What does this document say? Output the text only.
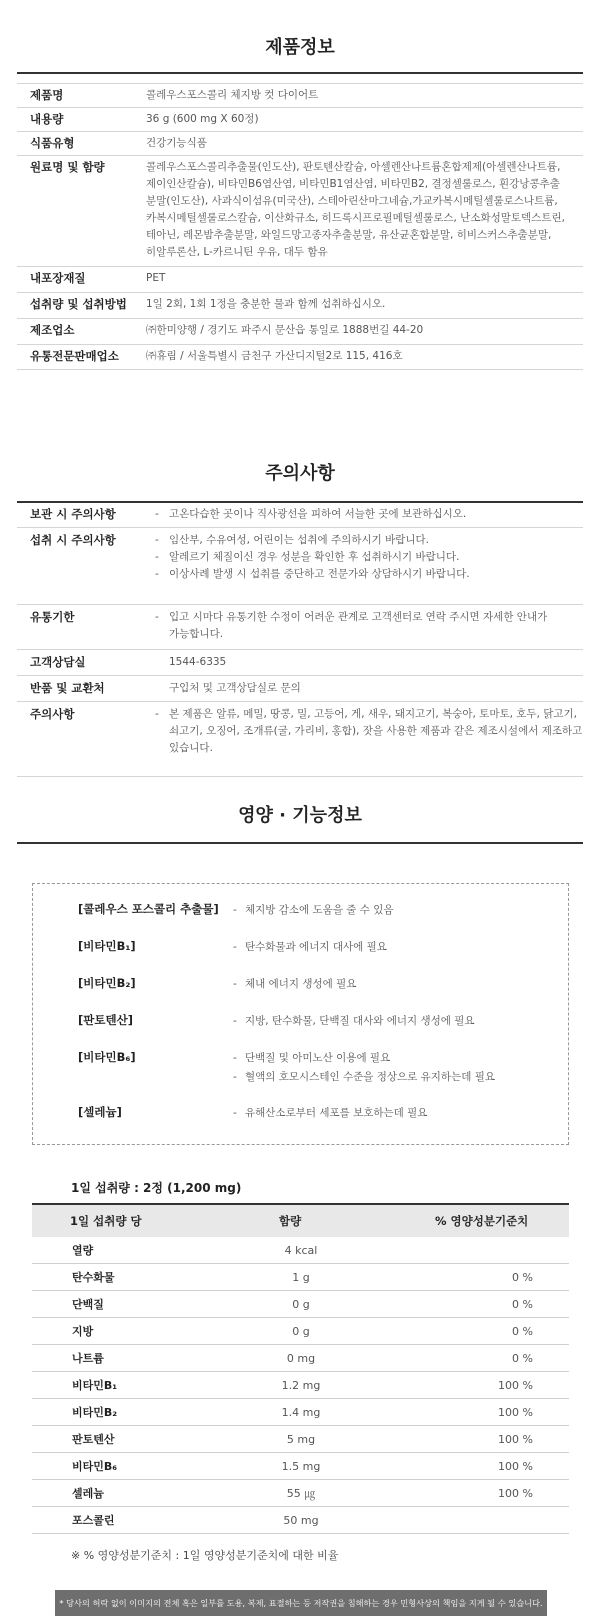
제품정보
제품명	콜레우스포스콜리 체지방 컷 다이어트
내용량	36 g (600 mg X 60정)
식품유형	건강기능식품
원료명 및 함량	콜레우스포스콜리추출물(인도산), 판토텐산칼슘, 아셀렌산나트륨혼합제제(아셀렌산나트륨,
제이인산칼슘), 비타민B6염산염, 비타민B1염산염, 비타민B2, 결정셀룰로스, 흰강낭콩추출
분말(인도산), 사과식이섬유(미국산), 스테아린산마그네슘,가교카복시메틸셀룰로스나트륨,
카복시메틸셀룰로스칼슘, 이산화규소, 히드록시프로필메틸셀룰로스, 난소화성말토덱스트린,
테아닌, 레몬밤추출분말, 와일드망고종자추출분말, 유산균혼합분말, 히비스커스추출분말,
히알루론산, L-카르니틴 우유, 대두 함유
내포장재질	PET
섭취량 및 섭취방법	1일 2회, 1회 1정을 충분한 물과 함께 섭취하십시오.
제조업소	㈜한미양행 / 경기도 파주시 문산읍 통일로 1888번길 44-20
유통전문판매업소	㈜휴림 / 서울특별시 금천구 가산디지털2로 115, 416호
주의사항
보관 시 주의사항	- 고온다습한 곳이나 직사광선을 피하여 서늘한 곳에 보관하십시오.
섭취 시 주의사항	- 임산부, 수유여성, 어린이는 섭취에 주의하시기 바랍니다.
- 알레르기 체질이신 경우 성분을 확인한 후 섭취하시기 바랍니다.
- 이상사례 발생 시 섭취를 중단하고 전문가와 상담하시기 바랍니다.
유통기한	- 입고 시마다 유통기한 수정이 어려운 관계로 고객센터로 연락 주시면 자세한 안내가
가능합니다.
고객상담실	1544-6335
반품 및 교환처	구입처 및 고객상담실로 문의
주의사항	- 본 제품은 알류, 메밀, 땅콩, 밀, 고등어, 게, 새우, 돼지고기, 복숭아, 토마토, 호두, 닭고기,
쇠고기, 오징어, 조개류(굴, 가리비, 홍합), 잣을 사용한 제품과 같은 제조시설에서 제조하고
있습니다.
영양 · 기능정보
[콜레우스 포스콜리 추출물]	- 체지방 감소에 도움을 줄 수 있음
[비타민B₁]	- 탄수화물과 에너지 대사에 필요
[비타민B₂]	- 체내 에너지 생성에 필요
[판토텐산]	- 지방, 탄수화물, 단백질 대사와 에너지 생성에 필요
[비타민B₆]	- 단백질 및 아미노산 이용에 필요
- 혈액의 호모시스테인 수준을 정상으로 유지하는데 필요
[셀레늄]	- 유해산소로부터 세포를 보호하는데 필요
1일 섭취량 : 2정 (1,200 mg)
1일 섭취량 당	함량	% 영양성분기준치
열량	4 kcal
탄수화물	1 g	0 %
단백질	0 g	0 %
지방	0 g	0 %
나트륨	0 mg	0 %
비타민B₁	1.2 mg	100 %
비타민B₂	1.4 mg	100 %
판토텐산	5 mg	100 %
비타민B₆	1.5 mg	100 %
셀레늄	55 ㎍	100 %
포스콜린	50 mg
※ % 영양성분기준치 : 1일 영양성분기준치에 대한 비율
* 당사의 허락 없이 이미지의 전체 혹은 일부를 도용, 복제, 표절하는 등 저작권을 침해하는 경우 민형사상의 책임을 지게 될 수 있습니다.
